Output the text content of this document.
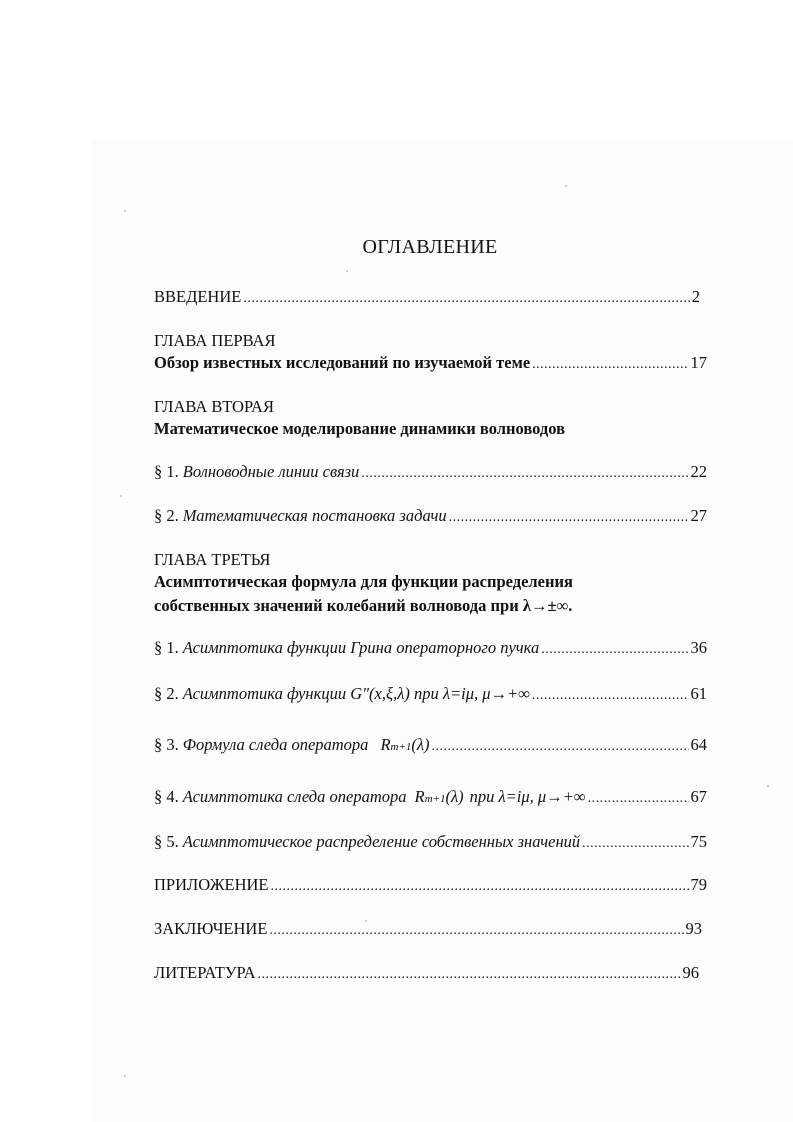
ОГЛАВЛЕНИЕ
ВВЕДЕНИЕ .....	2
ГЛАВА ПЕРВАЯ
Обзор известных исследований по изучаемой теме .....	17
ГЛАВА ВТОРАЯ
Математическое моделирование динамики волноводов
§ 1. Волноводные линии связи .....	22
§ 2. Математическая постановка задачи .....	27
ГЛАВА ТРЕТЬЯ
Асимптотическая формула для функции распределения
собственных значений колебаний волновода при λ→±∞.
§ 1. Асимптотика функции Грина операторного пучка .....	36
§ 2. Асимптотика функции G"(x,ξ,λ) при λ=iμ, μ→+∞ .....	61
§ 3. Формула следа оператора R m+1 (λ) .....	64
§ 4. Асимптотика следа оператора R m+1 (λ) при λ=iμ, μ→+∞ .....	67
§ 5. Асимптотическое распределение собственных значений .....	75
ПРИЛОЖЕНИЕ .....	79
ЗАКЛЮЧЕНИЕ .....	93
ЛИТЕРАТУРА .....	96
